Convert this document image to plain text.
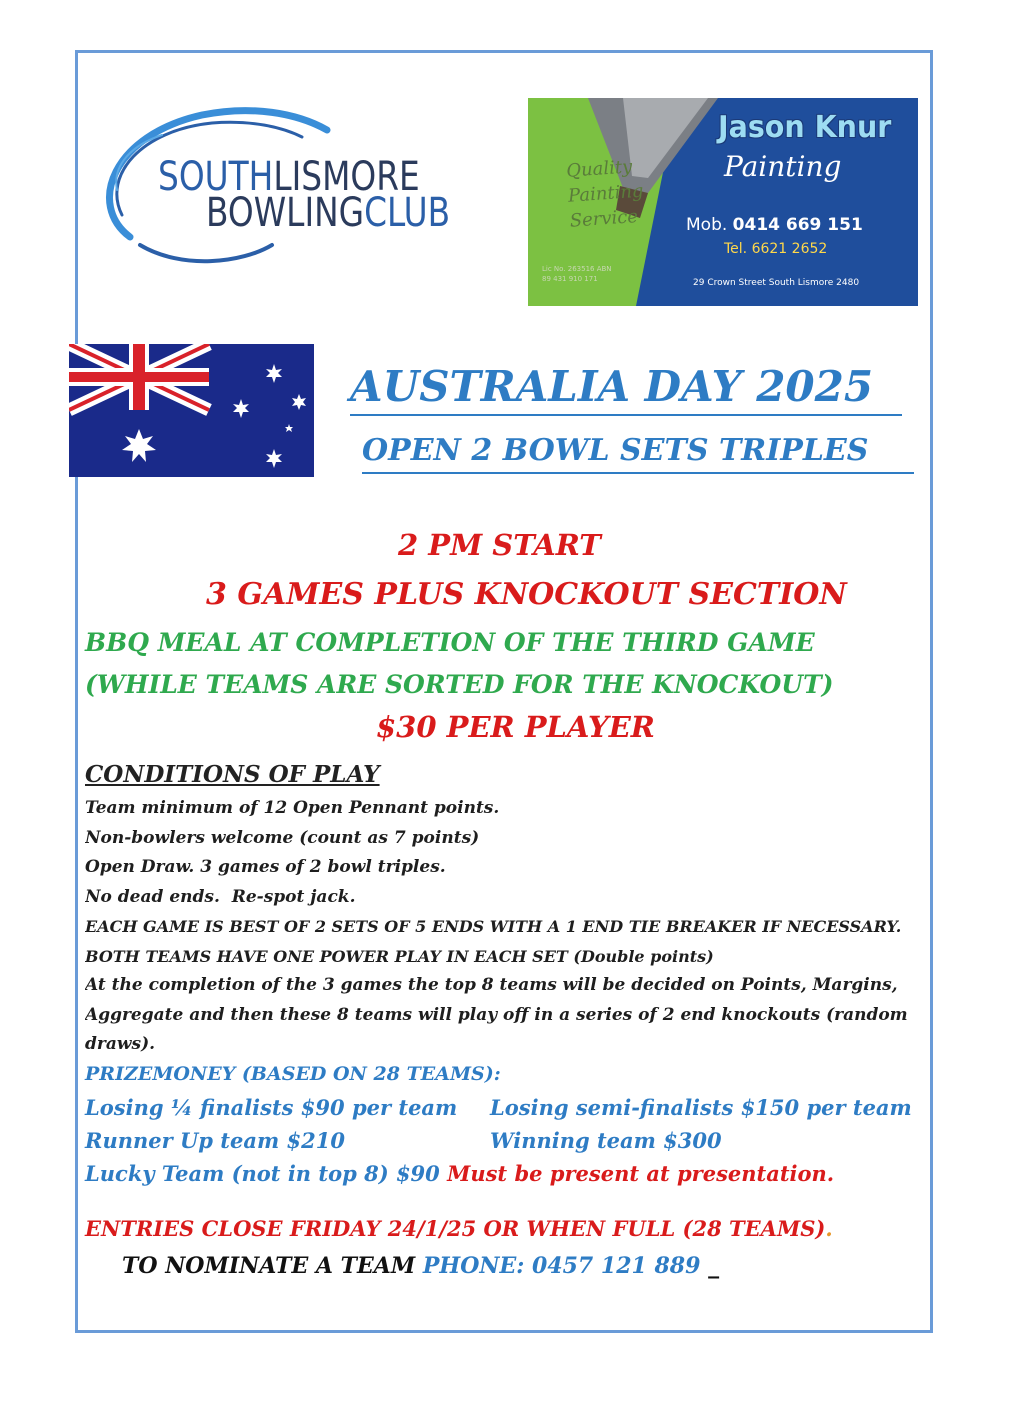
SOUTHLISMORE
BOWLINGCLUB
Jason Knur
Painting
Quality Painting Service	Mob. 0414 669 151
Tel. 6621 2652
Lic No. 263516 ABN 89 431 910 171	29 Crown Street South Lismore 2480
AUSTRALIA DAY 2025
OPEN 2 BOWL SETS TRIPLES
2 PM START
3 GAMES PLUS KNOCKOUT SECTION
BBQ MEAL AT COMPLETION OF THE THIRD GAME (WHILE TEAMS ARE SORTED FOR THE KNOCKOUT)
$30 PER PLAYER
CONDITIONS OF PLAY
Team minimum of 12 Open Pennant points.
Non-bowlers welcome (count as 7 points)
Open Draw. 3 games of 2 bowl triples.
No dead ends.  Re-spot jack.
EACH GAME IS BEST OF 2 SETS OF 5 ENDS WITH A 1 END TIE BREAKER IF NECESSARY.
BOTH TEAMS HAVE ONE POWER PLAY IN EACH SET (Double points)
At the completion of the 3 games the top 8 teams will be decided on Points, Margins, Aggregate and then these 8 teams will play off in a series of 2 end knockouts (random draws).
PRIZEMONEY (BASED ON 28 TEAMS):
Losing ¼ finalists $90 per team Losing semi-finalists $150 per team
Runner Up team $210	Winning team $300
Lucky Team (not in top 8) $90 Must be present at presentation.
ENTRIES CLOSE FRIDAY 24/1/25 OR WHEN FULL (28 TEAMS).
TO NOMINATE A TEAM PHONE: 0457 121 889 _
